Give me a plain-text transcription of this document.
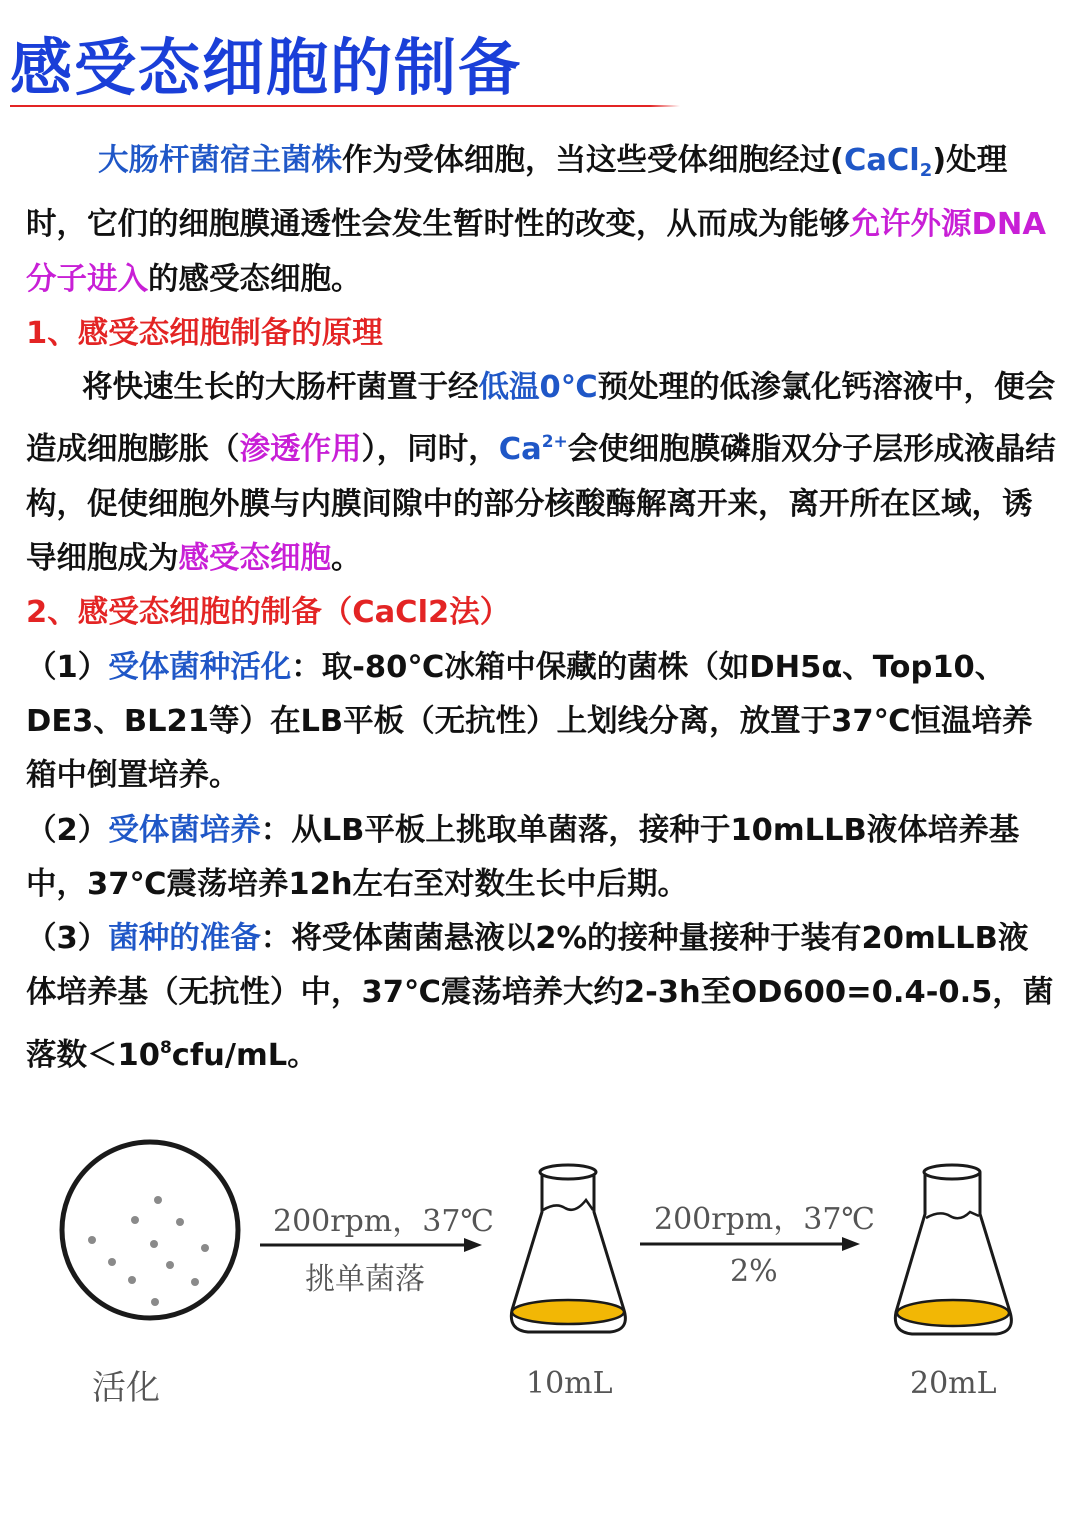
感受态细胞的制备

大肠杆菌宿主菌株作为受体细胞，当这些受体细胞经过(CaCl$_2$)处理时，它们的细胞膜通透性会发生暂时性的改变，从而成为能够允许外源DNA分子进入的感受态细胞。

1、感受态细胞制备的原理

将快速生长的大肠杆菌置于经低温0℃预处理的低渗氯化钙溶液中，便会造成细胞膨胀（渗透作用），同时，$Ca^{2+}$会使细胞膜磷脂双分子层形成液晶结构，促使细胞外膜与内膜间隙中的部分核酸酶解离开来，离开所在区域，诱导细胞成为感受态细胞。

2、感受态细胞的制备（CaCl2法）

（1）受体菌种活化：取-80℃冰箱中保藏的菌株（如DH5α、Top10、DE3、BL21等）在LB平板（无抗性）上划线分离，放置于37℃恒温培养箱中倒置培养。

（2）受体菌培养：从LB平板上挑取单菌落，接种于10mLLB液体培养基中，37℃震荡培养12h左右至对数生长中后期。

（3）菌种的准备：将受体菌菌悬液以2%的接种量接种于装有20mLLB液体培养基（无抗性）中，37℃震荡培养大约2-3h至OD600=0.4-0.5，菌落数$<10^8cfu/mL$。

活化
200rpm，37℃
挑单菌落
10mL
200rpm，37℃
2%
20mL
